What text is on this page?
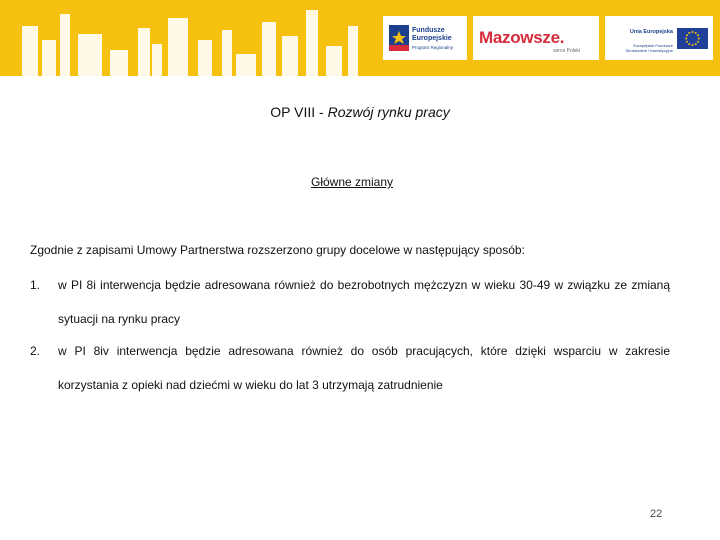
Fundusze
Europejskie
Program Regionalny
Mazowsze.
serce Polski
Unia Europejska
Europejskie Fundusze
Strukturalne i Inwestycyjne
OP VIII - Rozwój rynku pracy
Główne zmiany
Zgodnie z zapisami Umowy Partnerstwa rozszerzono grupy docelowe w następujący sposób:
1. w PI 8i interwencja będzie adresowana również do bezrobotnych mężczyzn w wieku 30-49 w związku ze zmianą sytuacji na rynku pracy
2. w PI 8iv interwencja będzie adresowana również do osób pracujących, które dzięki wsparciu w zakresie korzystania z opieki nad dziećmi w wieku do lat 3 utrzymają zatrudnienie
22
